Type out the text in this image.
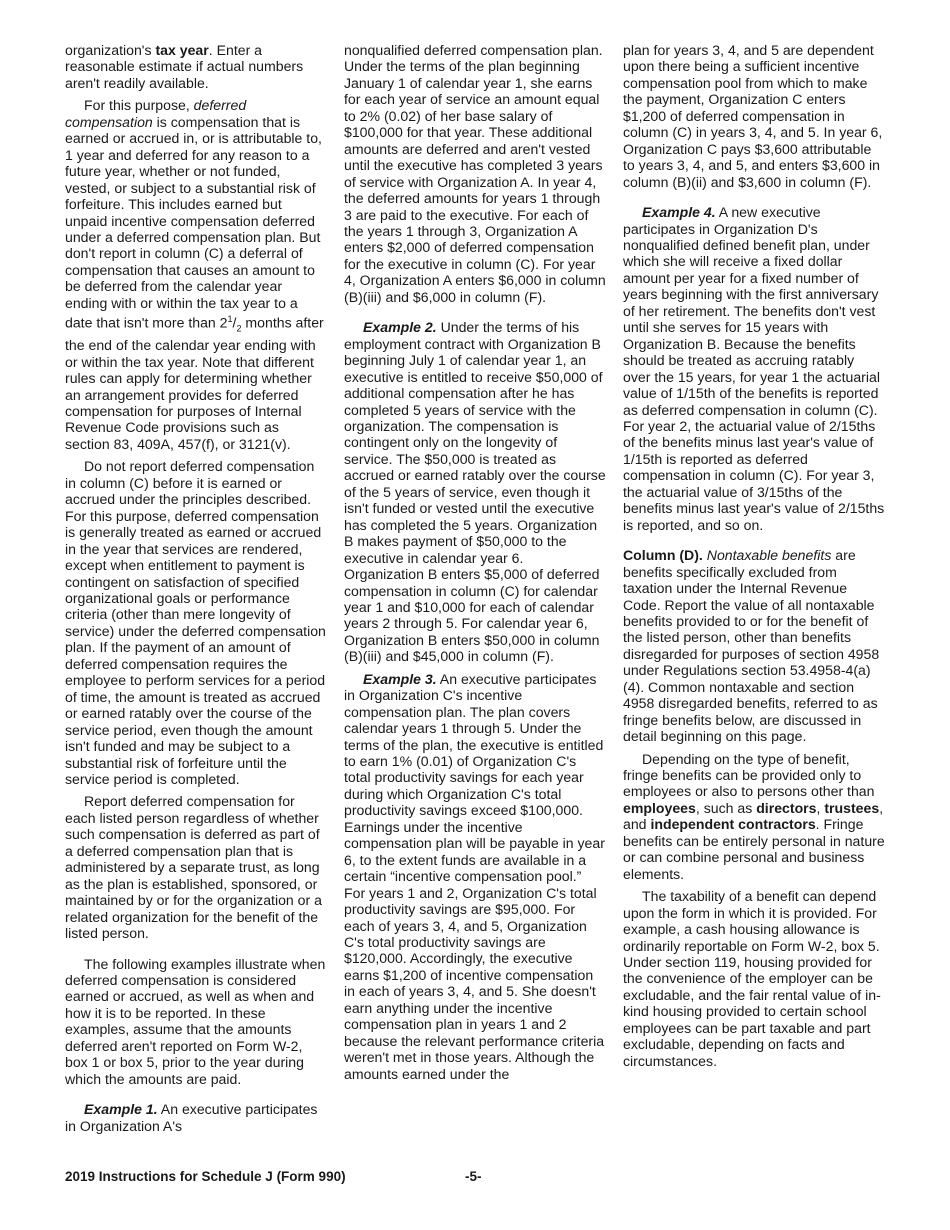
organization's tax year. Enter a reasonable estimate if actual numbers aren't readily available.

For this purpose, deferred compensation is compensation that is earned or accrued in, or is attributable to, 1 year and deferred for any reason to a future year, whether or not funded, vested, or subject to a substantial risk of forfeiture. This includes earned but unpaid incentive compensation deferred under a deferred compensation plan. But don't report in column (C) a deferral of compensation that causes an amount to be deferred from the calendar year ending with or within the tax year to a date that isn't more than $2^1/_2$ months after the end of the calendar year ending with or within the tax year. Note that different rules can apply for determining whether an arrangement provides for deferred compensation for purposes of Internal Revenue Code provisions such as section 83, 409A, 457(f), or 3121(v).

Do not report deferred compensation in column (C) before it is earned or accrued under the principles described. For this purpose, deferred compensation is generally treated as earned or accrued in the year that services are rendered, except when entitlement to payment is contingent on satisfaction of specified organizational goals or performance criteria (other than mere longevity of service) under the deferred compensation plan. If the payment of an amount of deferred compensation requires the employee to perform services for a period of time, the amount is treated as accrued or earned ratably over the course of the service period, even though the amount isn't funded and may be subject to a substantial risk of forfeiture until the service period is completed.

Report deferred compensation for each listed person regardless of whether such compensation is deferred as part of a deferred compensation plan that is administered by a separate trust, as long as the plan is established, sponsored, or maintained by or for the organization or a related organization for the benefit of the listed person.

The following examples illustrate when deferred compensation is considered earned or accrued, as well as when and how it is to be reported. In these examples, assume that the amounts deferred aren't reported on Form W-2, box 1 or box 5, prior to the year during which the amounts are paid.

Example 1. An executive participates in Organization A's

nonqualified deferred compensation plan. Under the terms of the plan beginning January 1 of calendar year 1, she earns for each year of service an amount equal to 2% (0.02) of her base salary of $100,000 for that year. These additional amounts are deferred and aren't vested until the executive has completed 3 years of service with Organization A. In year 4, the deferred amounts for years 1 through 3 are paid to the executive. For each of the years 1 through 3, Organization A enters $2,000 of deferred compensation for the executive in column (C). For year 4, Organization A enters $6,000 in column (B)(iii) and $6,000 in column (F).

Example 2. Under the terms of his employment contract with Organization B beginning July 1 of calendar year 1, an executive is entitled to receive $50,000 of additional compensation after he has completed 5 years of service with the organization. The compensation is contingent only on the longevity of service. The $50,000 is treated as accrued or earned ratably over the course of the 5 years of service, even though it isn't funded or vested until the executive has completed the 5 years. Organization B makes payment of $50,000 to the executive in calendar year 6. Organization B enters $5,000 of deferred compensation in column (C) for calendar year 1 and $10,000 for each of calendar years 2 through 5. For calendar year 6, Organization B enters $50,000 in column (B)(iii) and $45,000 in column (F).

Example 3. An executive participates in Organization C's incentive compensation plan. The plan covers calendar years 1 through 5. Under the terms of the plan, the executive is entitled to earn 1% (0.01) of Organization C's total productivity savings for each year during which Organization C's total productivity savings exceed $100,000. Earnings under the incentive compensation plan will be payable in year 6, to the extent funds are available in a certain “incentive compensation pool.” For years 1 and 2, Organization C's total productivity savings are $95,000. For each of years 3, 4, and 5, Organization C's total productivity savings are $120,000. Accordingly, the executive earns $1,200 of incentive compensation in each of years 3, 4, and 5. She doesn't earn anything under the incentive compensation plan in years 1 and 2 because the relevant performance criteria weren't met in those years. Although the amounts earned under the

plan for years 3, 4, and 5 are dependent upon there being a sufficient incentive compensation pool from which to make the payment, Organization C enters $1,200 of deferred compensation in column (C) in years 3, 4, and 5. In year 6, Organization C pays $3,600 attributable to years 3, 4, and 5, and enters $3,600 in column (B)(ii) and $3,600 in column (F).

Example 4. A new executive participates in Organization D's nonqualified defined benefit plan, under which she will receive a fixed dollar amount per year for a fixed number of years beginning with the first anniversary of her retirement. The benefits don't vest until she serves for 15 years with Organization B. Because the benefits should be treated as accruing ratably over the 15 years, for year 1 the actuarial value of 1/15th of the benefits is reported as deferred compensation in column (C). For year 2, the actuarial value of 2/15ths of the benefits minus last year's value of 1/15th is reported as deferred compensation in column (C). For year 3, the actuarial value of 3/15ths of the benefits minus last year's value of 2/15ths is reported, and so on.

Column (D). Nontaxable benefits are benefits specifically excluded from taxation under the Internal Revenue Code. Report the value of all nontaxable benefits provided to or for the benefit of the listed person, other than benefits disregarded for purposes of section 4958 under Regulations section 53.4958-4(a)(4). Common nontaxable and section 4958 disregarded benefits, referred to as fringe benefits below, are discussed in detail beginning on this page.

Depending on the type of benefit, fringe benefits can be provided only to employees or also to persons other than employees, such as directors, trustees, and independent contractors. Fringe benefits can be entirely personal in nature or can combine personal and business elements.

The taxability of a benefit can depend upon the form in which it is provided. For example, a cash housing allowance is ordinarily reportable on Form W-2, box 5. Under section 119, housing provided for the convenience of the employer can be excludable, and the fair rental value of in-kind housing provided to certain school employees can be part taxable and part excludable, depending on facts and circumstances.

2019 Instructions for Schedule J (Form 990)	-5-
